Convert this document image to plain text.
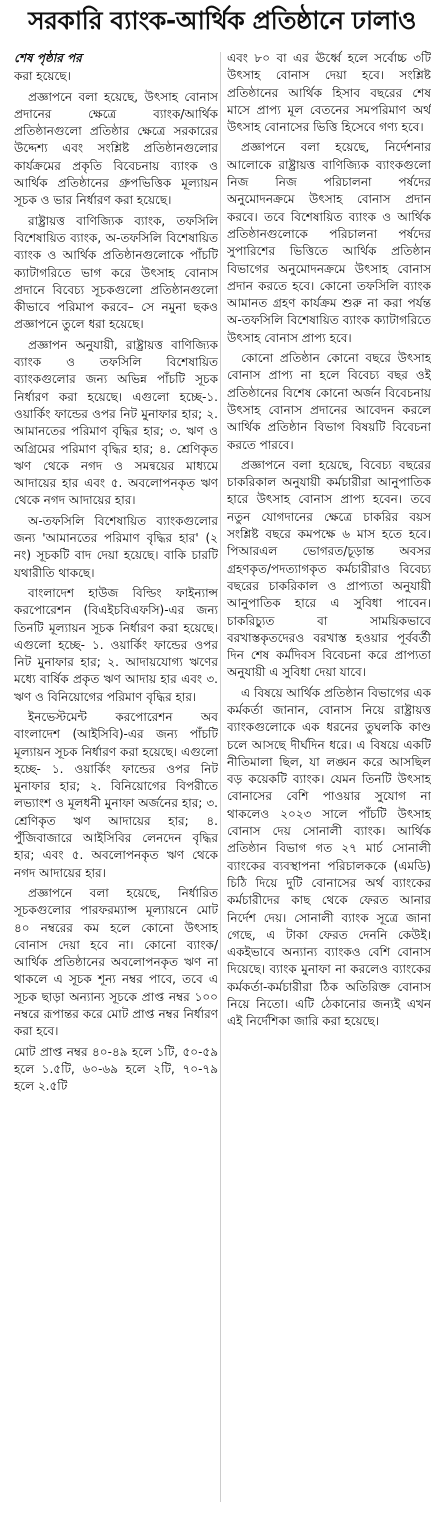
সরকারি ব্যাংক-আর্থিক প্রতিষ্ঠানে ঢালাও
শেষ পৃষ্ঠার পর

করা হয়েছে।

প্রজ্ঞাপনে বলা হয়েছে, উৎসাহ বোনাস প্রদানের ক্ষেত্রে ব্যাংক/আর্থিক প্রতিষ্ঠানগুলো প্রতিষ্ঠার ক্ষেত্রে সরকারের উদ্দেশ্য এবং সংশ্লিষ্ট প্রতিষ্ঠানগুলোর কার্যক্রমের প্রকৃতি বিবেচনায় ব্যাংক ও আর্থিক প্রতিষ্ঠানের গ্রুপভিত্তিক মূল্যায়ন সূচক ও ভার নির্ধারণ করা হয়েছে।

রাষ্ট্রায়ত্ত বাণিজ্যিক ব্যাংক, তফসিলি বিশেষায়িত ব্যাংক, অ-তফসিলি বিশেষায়িত ব্যাংক ও আর্থিক প্রতিষ্ঠানগুলোকে পাঁচটি ক্যাটাগরিতে ভাগ করে উৎসাহ বোনাস প্রদানে বিবেচ্য সূচকগুলো প্রতিষ্ঠানগুলো কীভাবে পরিমাপ করবে– সে নমুনা ছকও প্রজ্ঞাপনে তুলে ধরা হয়েছে।

প্রজ্ঞাপন অনুযায়ী, রাষ্ট্রায়ত্ত বাণিজ্যিক ব্যাংক ও তফসিলি বিশেষায়িত ব্যাংকগুলোর জন্য অভিন্ন পাঁচটি সূচক নির্ধারণ করা হয়েছে। এগুলো হচ্ছে-১. ওয়ার্কিং ফান্ডের ওপর নিট মুনাফার হার; ২. আমানতের পরিমাণ বৃদ্ধির হার; ৩. ঋণ ও অগ্রিমের পরিমাণ বৃদ্ধির হার; ৪. শ্রেণিকৃত ঋণ থেকে নগদ ও সমন্বয়ের মাধ্যমে আদায়ের হার এবং ৫. অবলোপনকৃত ঋণ থেকে নগদ আদায়ের হার।

অ-তফসিলি বিশেষায়িত ব্যাংকগুলোর জন্য 'আমানতের পরিমাণ বৃদ্ধির হার' (২ নং) সূচকটি বাদ দেয়া হয়েছে। বাকি চারটি যথারীতি থাকছে।

বাংলাদেশ হাউজ বিল্ডিং ফাইন্যান্স করপোরেশন (বিএইচবিএফসি)-এর জন্য তিনটি মূল্যায়ন সূচক নির্ধারণ করা হয়েছে। এগুলো হচ্ছে- ১. ওয়ার্কিং ফান্ডের ওপর নিট মুনাফার হার; ২. আদায়যোগ্য ঋণের মধ্যে বার্ষিক প্রকৃত ঋণ আদায় হার এবং ৩. ঋণ ও বিনিয়োগের পরিমাণ বৃদ্ধির হার।

ইনভেস্টমেন্ট করপোরেশন অব বাংলাদেশ (আইসিবি)-এর জন্য পাঁচটি মূল্যায়ন সূচক নির্ধারণ করা হয়েছে। এগুলো হচ্ছে- ১. ওয়ার্কিং ফান্ডের ওপর নিট মুনাফার হার; ২. বিনিয়োগের বিপরীতে লভ্যাংশ ও মূলধনী মুনাফা অর্জনের হার; ৩. শ্রেণিকৃত ঋণ আদায়ের হার; ৪. পুঁজিবাজারে আইসিবির লেনদেন বৃদ্ধির হার; এবং ৫. অবলোপনকৃত ঋণ থেকে নগদ আদায়ের হার।

প্রজ্ঞাপনে বলা হয়েছে, নির্ধারিত সূচকগুলোর পারফরম্যান্স মূল্যায়নে মোট ৪০ নম্বরের কম হলে কোনো উৎসাহ বোনাস দেয়া হবে না। কোনো ব্যাংক/আর্থিক প্রতিষ্ঠানের অবলোপনকৃত ঋণ না থাকলে এ সূচক শূন্য নম্বর পাবে, তবে এ সূচক ছাড়া অন্যান্য সূচকে প্রাপ্ত নম্বর ১০০ নম্বরে রূপান্তর করে মোট প্রাপ্ত নম্বর নির্ধারণ করা হবে।

মোট প্রাপ্ত নম্বর ৪০-৪৯ হলে ১টি, ৫০-৫৯ হলে ১.৫টি, ৬০-৬৯ হলে ২টি, ৭০-৭৯ হলে ২.৫টি

এবং ৮০ বা এর ঊর্ধ্বে হলে সর্বোচ্চ ৩টি উৎসাহ বোনাস দেয়া হবে। সংশ্লিষ্ট প্রতিষ্ঠানের আর্থিক হিসাব বছরের শেষ মাসে প্রাপ্য মূল বেতনের সমপরিমাণ অর্থ উৎসাহ বোনাসের ভিত্তি হিসেবে গণ্য হবে।

প্রজ্ঞাপনে বলা হয়েছে, নির্দেশনার আলোকে রাষ্ট্রায়ত্ত বাণিজ্যিক ব্যাংকগুলো নিজ নিজ পরিচালনা পর্ষদের অনুমোদনক্রমে উৎসাহ বোনাস প্রদান করবে। তবে বিশেষায়িত ব্যাংক ও আর্থিক প্রতিষ্ঠানগুলোকে পরিচালনা পর্ষদের সুপারিশের ভিত্তিতে আর্থিক প্রতিষ্ঠান বিভাগের অনুমোদনক্রমে উৎসাহ বোনাস প্রদান করতে হবে। কোনো তফসিলি ব্যাংক আমানত গ্রহণ কার্যক্রম শুরু না করা পর্যন্ত অ-তফসিলি বিশেষায়িত ব্যাংক ক্যাটাগরিতে উৎসাহ বোনাস প্রাপ্য হবে।

কোনো প্রতিষ্ঠান কোনো বছরে উৎসাহ বোনাস প্রাপ্য না হলে বিবেচ্য বছর ওই প্রতিষ্ঠানের বিশেষ কোনো অর্জন বিবেচনায় উৎসাহ বোনাস প্রদানের আবেদন করলে আর্থিক প্রতিষ্ঠান বিভাগ বিষয়টি বিবেচনা করতে পারবে।

প্রজ্ঞাপনে বলা হয়েছে, বিবেচ্য বছরের চাকরিকাল অনুযায়ী কর্মচারীরা আনুপাতিক হারে উৎসাহ বোনাস প্রাপ্য হবেন। তবে নতুন যোগদানের ক্ষেত্রে চাকরির বয়স সংশ্লিষ্ট বছরে কমপক্ষে ৬ মাস হতে হবে। পিআরএল ভোগরত/চূড়ান্ত অবসর গ্রহণকৃত/পদত্যাগকৃত কর্মচারীরাও বিবেচ্য বছরের চাকরিকাল ও প্রাপ্যতা অনুযায়ী আনুপাতিক হারে এ সুবিধা পাবেন। চাকরিচ্যুত বা সাময়িকভাবে বরখাস্তকৃতদেরও বরখাস্ত হওয়ার পূর্ববর্তী দিন শেষ কর্মদিবস বিবেচনা করে প্রাপ্যতা অনুযায়ী এ সুবিধা দেয়া যাবে।

এ বিষয়ে আর্থিক প্রতিষ্ঠান বিভাগের এক কর্মকর্তা জানান, বোনাস নিয়ে রাষ্ট্রায়ত্ত ব্যাংকগুলোকে এক ধরনের তুঘলকি কাণ্ড চলে আসছে দীর্ঘদিন ধরে। এ বিষয়ে একটি নীতিমালা ছিল, যা লঙ্ঘন করে আসছিল বড় কয়েকটি ব্যাংক। যেমন তিনটি উৎসাহ বোনাসের বেশি পাওয়ার সুযোগ না থাকলেও ২০২৩ সালে পাঁচটি উৎসাহ বোনাস দেয় সোনালী ব্যাংক। আর্থিক প্রতিষ্ঠান বিভাগ গত ২৭ মার্চ সোনালী ব্যাংকের ব্যবস্থাপনা পরিচালককে (এমডি) চিঠি দিয়ে দুটি বোনাসের অর্থ ব্যাংকের কর্মচারীদের কাছ থেকে ফেরত আনার নির্দেশ দেয়। সোনালী ব্যাংক সূত্রে জানা গেছে, এ টাকা ফেরত দেননি কেউই। একইভাবে অন্যান্য ব্যাংকও বেশি বোনাস দিয়েছে। ব্যাংক মুনাফা না করলেও ব্যাংকের কর্মকর্তা-কর্মচারীরা ঠিক অতিরিক্ত বোনাস নিয়ে নিতো। এটি ঠেকানোর জন্যই এখন এই নির্দেশিকা জারি করা হয়েছে।
